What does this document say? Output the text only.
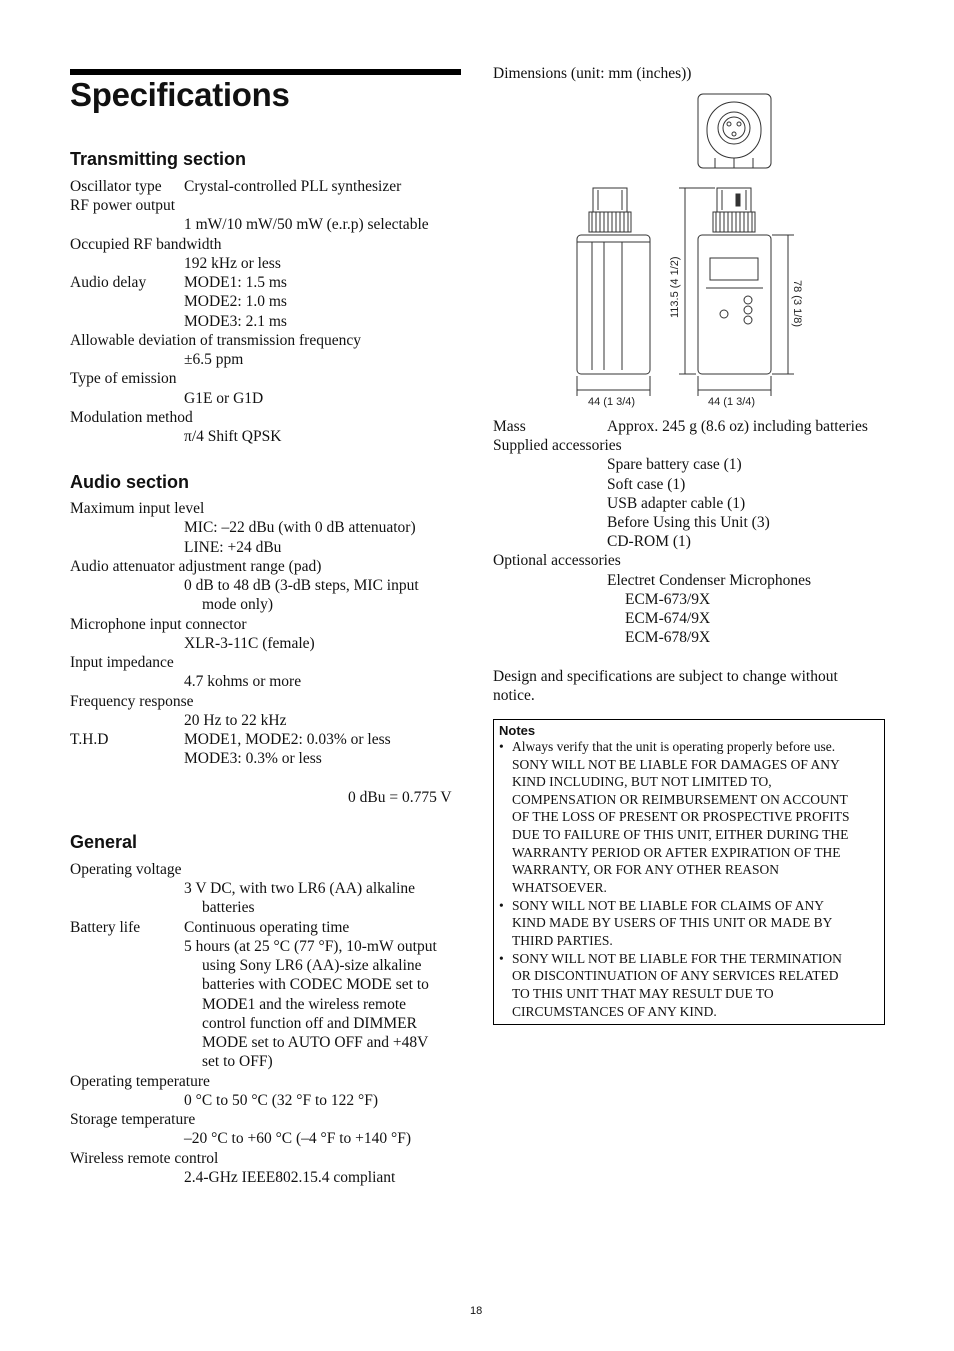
Specifications
Transmitting section
Oscillator type Crystal-controlled PLL synthesizer
RF power output
1 mW/10 mW/50 mW (e.r.p) selectable
Occupied RF bandwidth
192 kHz or less
Audio delay MODE1: 1.5 ms
MODE2: 1.0 ms
MODE3: 2.1 ms
Allowable deviation of transmission frequency
±6.5 ppm
Type of emission
G1E or G1D
Modulation method
π/4 Shift QPSK
Audio section
Maximum input level
MIC: –22 dBu (with 0 dB attenuator)
LINE: +24 dBu
Audio attenuator adjustment range (pad)
0 dB to 48 dB (3-dB steps, MIC input
mode only)
Microphone input connector
XLR-3-11C (female)
Input impedance
4.7 kohms or more
Frequency response
20 Hz to 22 kHz
T.H.D	MODE1, MODE2: 0.03% or less
MODE3: 0.3% or less
0 dBu = 0.775 V
General
Operating voltage
3 V DC, with two LR6 (AA) alkaline
batteries
Battery life	Continuous operating time
5 hours (at 25 °C (77 °F), 10-mW output
using Sony LR6 (AA)-size alkaline
batteries with CODEC MODE set to
MODE1 and the wireless remote
control function off and DIMMER
MODE set to AUTO OFF and +48V
set to OFF)
Operating temperature
0 °C to 50 °C (32 °F to 122 °F)
Storage temperature
–20 °C to +60 °C (–4 °F to +140 °F)
Wireless remote control
2.4-GHz IEEE802.15.4 compliant
Dimensions (unit: mm (inches))
113.5 (4 1/2)	78 (3 1/8)
44 (1 3/4)	44 (1 3/4)
Mass	Approx. 245 g (8.6 oz) including batteries
Supplied accessories
Spare battery case (1)
Soft case (1)
USB adapter cable (1)
Before Using this Unit (3)
CD-ROM (1)
Optional accessories
Electret Condenser Microphones
ECM-673/9X
ECM-674/9X
ECM-678/9X
Design and specifications are subject to change without
notice.
Notes
• Always verify that the unit is operating properly before use.
SONY WILL NOT BE LIABLE FOR DAMAGES OF ANY
KIND INCLUDING, BUT NOT LIMITED TO,
COMPENSATION OR REIMBURSEMENT ON ACCOUNT
OF THE LOSS OF PRESENT OR PROSPECTIVE PROFITS
DUE TO FAILURE OF THIS UNIT, EITHER DURING THE
WARRANTY PERIOD OR AFTER EXPIRATION OF THE
WARRANTY, OR FOR ANY OTHER REASON
WHATSOEVER.
• SONY WILL NOT BE LIABLE FOR CLAIMS OF ANY
KIND MADE BY USERS OF THIS UNIT OR MADE BY
THIRD PARTIES.
• SONY WILL NOT BE LIABLE FOR THE TERMINATION
OR DISCONTINUATION OF ANY SERVICES RELATED
TO THIS UNIT THAT MAY RESULT DUE TO
CIRCUMSTANCES OF ANY KIND.
18
